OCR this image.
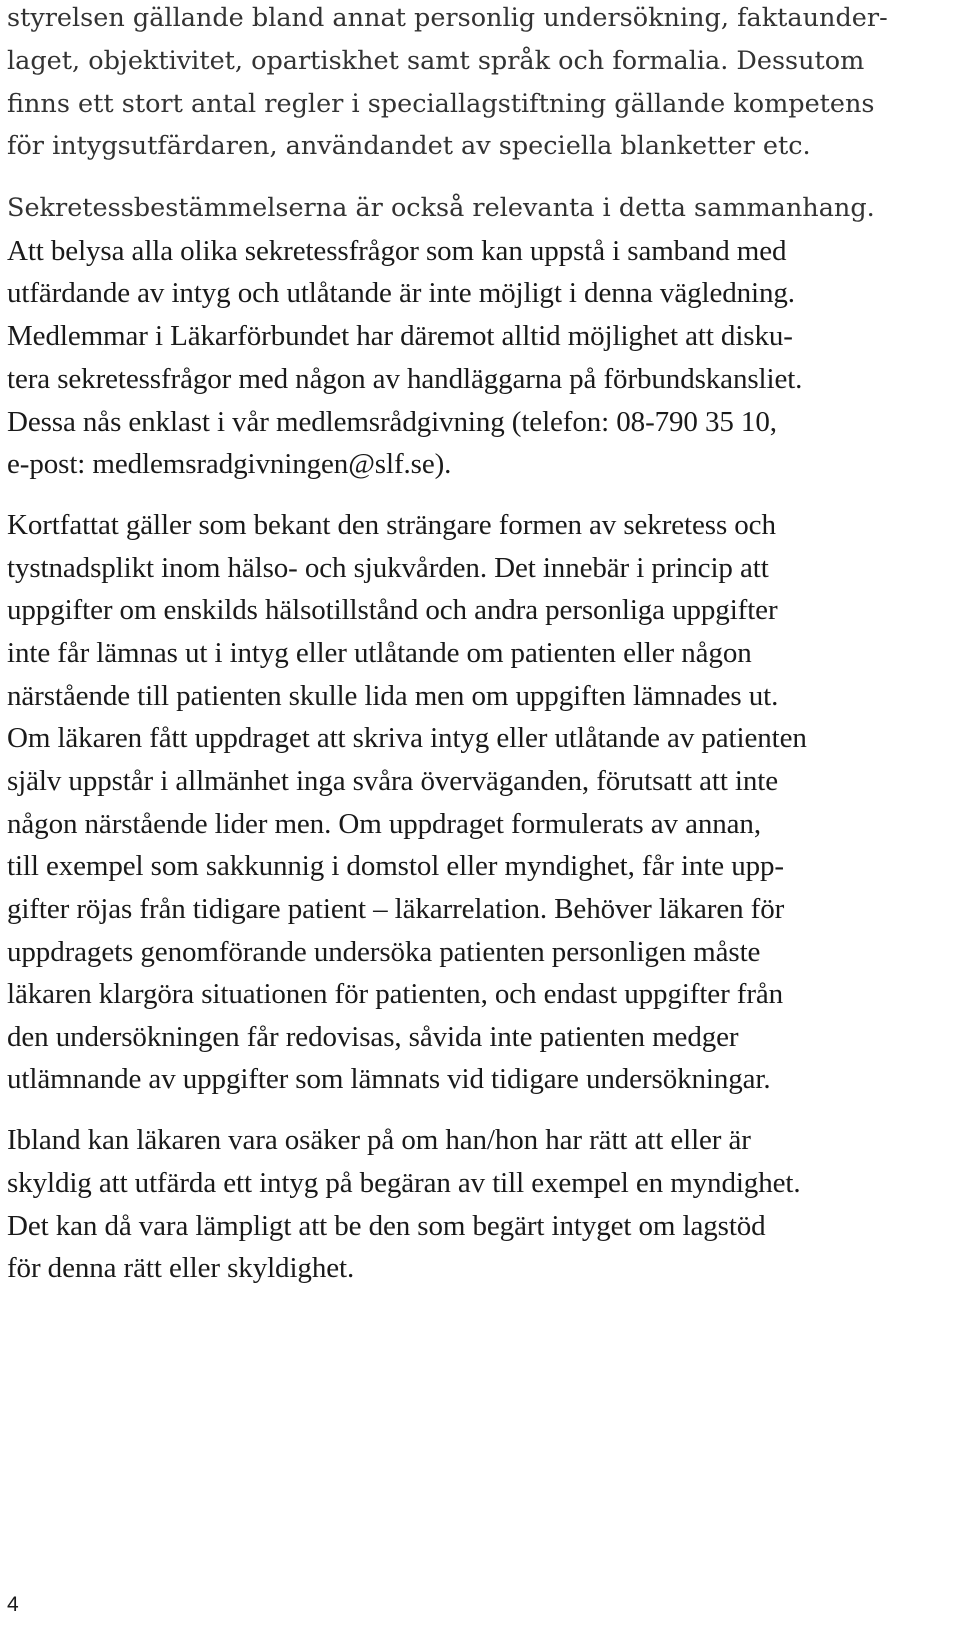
styrelsen gällande bland annat personlig undersökning, faktaunder-
laget, objektivitet, opartiskhet samt språk och formalia. Dessutom
finns ett stort antal regler i speciallagstiftning gällande kompetens
för intygsutfärdaren, användandet av speciella blanketter etc.
Sekretessbestämmelserna är också relevanta i detta sammanhang.
Att belysa alla olika sekretessfrågor som kan uppstå i samband med
utfärdande av intyg och utlåtande är inte möjligt i denna vägledning.
Medlemmar i Läkarförbundet har däremot alltid möjlighet att disku-
tera sekretessfrågor med någon av handläggarna på förbundskansliet.
Dessa nås enklast i vår medlemsrådgivning (telefon: 08-790 35 10,
e-post: medlemsradgivningen@slf.se).
Kortfattat gäller som bekant den strängare formen av sekretess och
tystnadsplikt inom hälso- och sjukvården. Det innebär i princip att
uppgifter om enskilds hälsotillstånd och andra personliga uppgifter
inte får lämnas ut i intyg eller utlåtande om patienten eller någon
närstående till patienten skulle lida men om uppgiften lämnades ut.
Om läkaren fått uppdraget att skriva intyg eller utlåtande av patienten
själv uppstår i allmänhet inga svåra överväganden, förutsatt att inte
någon närstående lider men. Om uppdraget formulerats av annan,
till exempel som sakkunnig i domstol eller myndighet, får inte upp-
gifter röjas från tidigare patient – läkarrelation. Behöver läkaren för
uppdragets genomförande undersöka patienten personligen måste
läkaren klargöra situationen för patienten, och endast uppgifter från
den undersökningen får redovisas, såvida inte patienten medger
utlämnande av uppgifter som lämnats vid tidigare undersökningar.
Ibland kan läkaren vara osäker på om han/hon har rätt att eller är
skyldig att utfärda ett intyg på begäran av till exempel en myndighet.
Det kan då vara lämpligt att be den som begärt intyget om lagstöd
för denna rätt eller skyldighet.
4
